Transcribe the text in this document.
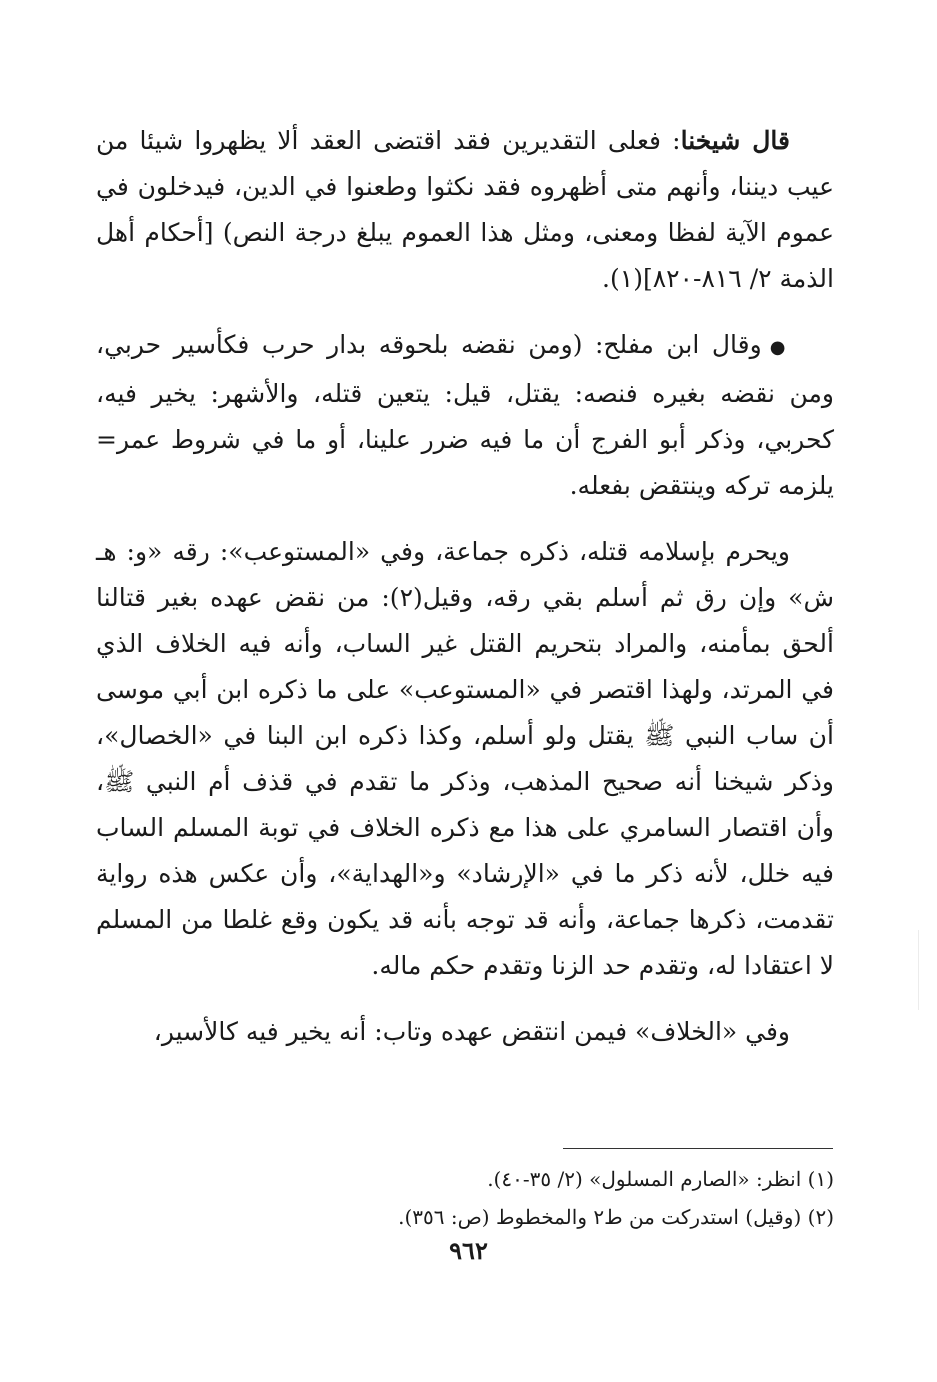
قال شيخنا: فعلى التقديرين فقد اقتضى العقد ألا يظهروا شيئا من عيب ديننا، وأنهم متى أظهروه فقد نكثوا وطعنوا في الدين، فيدخلون في عموم الآية لفظا ومعنى، ومثل هذا العموم يبلغ درجة النص) [أحكام أهل الذمة ٢/ ٨١٦-٨٢٠](١).

● وقال ابن مفلح: (ومن نقضه بلحوقه بدار حرب فكأسير حربي، ومن نقضه بغيره فنصه: يقتل، قيل: يتعين قتله، والأشهر: يخير فيه، كحربي، وذكر أبو الفرج أن ما فيه ضرر علينا، أو ما في شروط عمر= يلزمه تركه وينتقض بفعله.

ويحرم بإسلامه قتله، ذكره جماعة، وفي «المستوعب»: رقه «و: هـ ش» وإن رق ثم أسلم بقي رقه، وقيل(٢): من نقض عهده بغير قتالنا ألحق بمأمنه، والمراد بتحريم القتل غير الساب، وأنه فيه الخلاف الذي في المرتد، ولهذا اقتصر في «المستوعب» على ما ذكره ابن أبي موسى أن ساب النبي ﷺ يقتل ولو أسلم، وكذا ذكره ابن البنا في «الخصال»، وذكر شيخنا أنه صحيح المذهب، وذكر ما تقدم في قذف أم النبي ﷺ، وأن اقتصار السامري على هذا مع ذكره الخلاف في توبة المسلم الساب فيه خلل، لأنه ذكر ما في «الإرشاد» و«الهداية»، وأن عكس هذه رواية تقدمت، ذكرها جماعة، وأنه قد توجه بأنه قد يكون وقع غلطا من المسلم لا اعتقادا له، وتقدم حد الزنا وتقدم حكم ماله.

وفي «الخلاف» فيمن انتقض عهده وتاب: أنه يخير فيه كالأسير،

(١) انظر: «الصارم المسلول» (٢/ ٣٥-٤٠).

(٢) (وقيل) استدركت من ط٢ والمخطوط (ص: ٣٥٦).

٩٦٢
